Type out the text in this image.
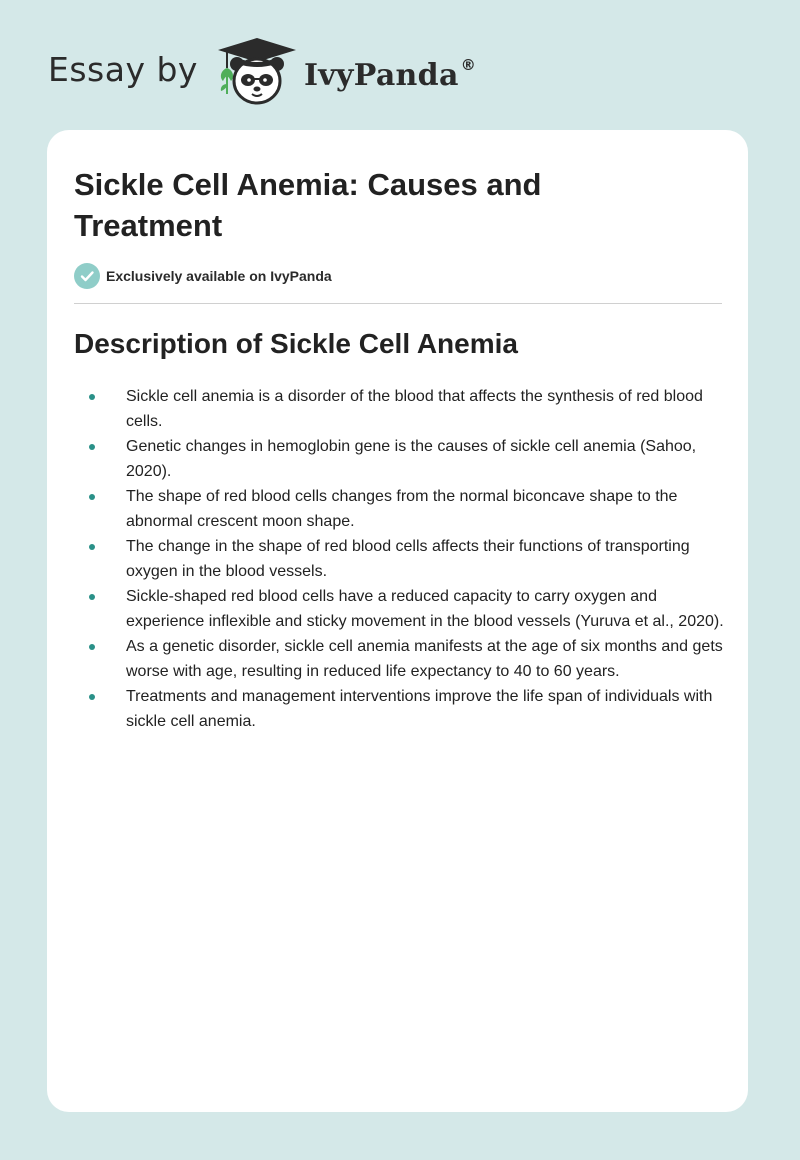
Essay by	IvyPanda ®
Sickle Cell Anemia: Causes and Treatment
Exclusively available on IvyPanda
Description of Sickle Cell Anemia
Sickle cell anemia is a disorder of the blood that affects the synthesis of red blood cells.
Genetic changes in hemoglobin gene is the causes of sickle cell anemia (Sahoo, 2020).
The shape of red blood cells changes from the normal biconcave shape to the abnormal crescent moon shape.
The change in the shape of red blood cells affects their functions of transporting oxygen in the blood vessels.
Sickle-shaped red blood cells have a reduced capacity to carry oxygen and experience inflexible and sticky movement in the blood vessels (Yuruva et al., 2020).
As a genetic disorder, sickle cell anemia manifests at the age of six months and gets worse with age, resulting in reduced life expectancy to 40 to 60 years.
Treatments and management interventions improve the life span of individuals with sickle cell anemia.
